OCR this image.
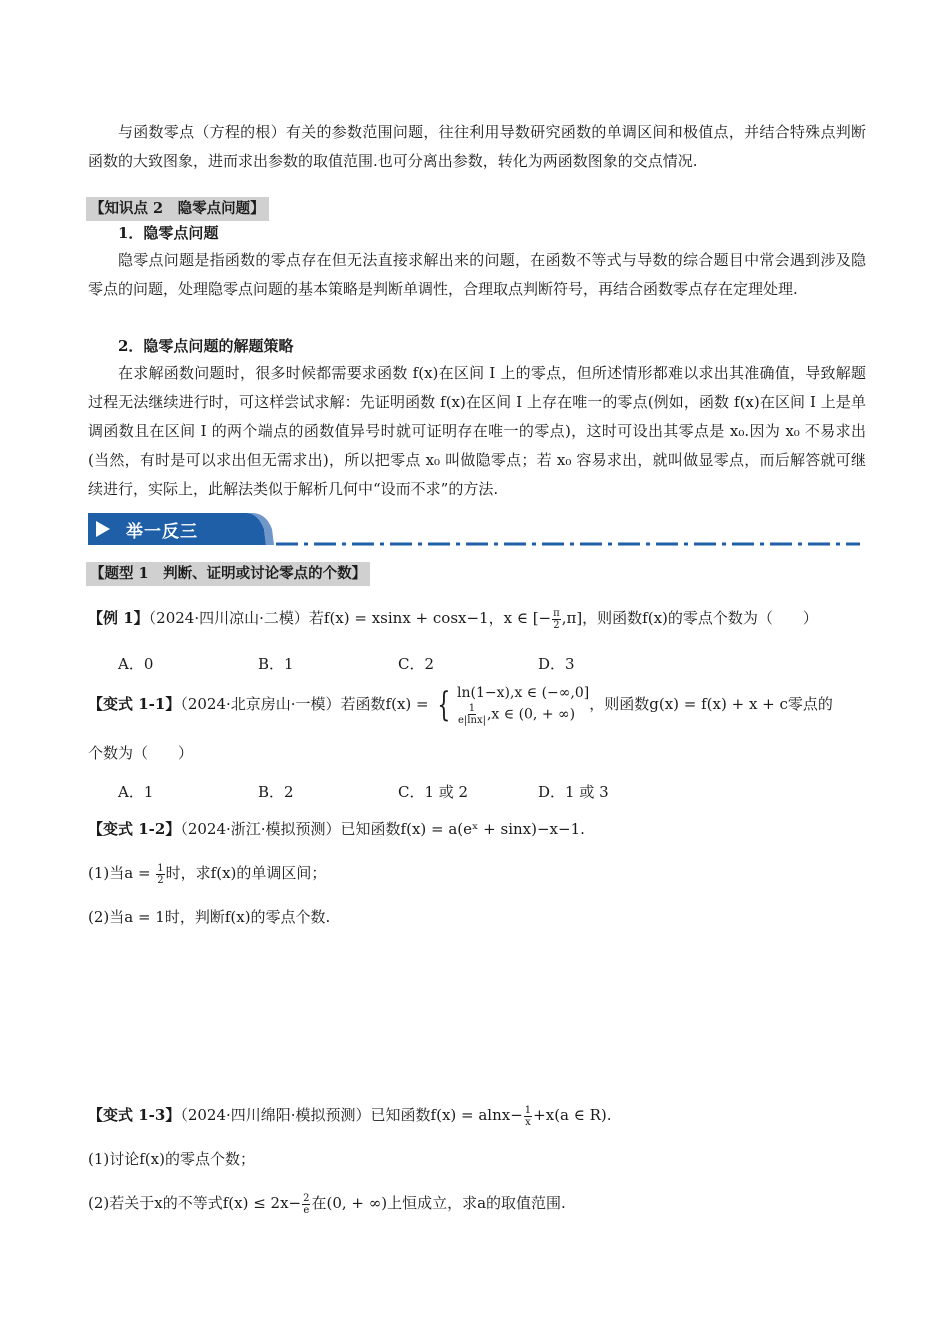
与函数零点（方程的根）有关的参数范围问题，往往利用导数研究函数的单调区间和极值点，并结合特殊点判断函数的大致图象，进而求出参数的取值范围.也可分离出参数，转化为两函数图象的交点情况.

【知识点 2　隐零点问题】

1．隐零点问题

隐零点问题是指函数的零点存在但无法直接求解出来的问题，在函数不等式与导数的综合题目中常会遇到涉及隐零点的问题，处理隐零点问题的基本策略是判断单调性，合理取点判断符号，再结合函数零点存在定理处理.

2．隐零点问题的解题策略

在求解函数问题时，很多时候都需要求函数 f(x)在区间 I 上的零点，但所述情形都难以求出其准确值，导致解题过程无法继续进行时，可这样尝试求解：先证明函数 f(x)在区间 I 上存在唯一的零点(例如，函数 f(x)在区间 I 上是单调函数且在区间 I 的两个端点的函数值异号时就可证明存在唯一的零点)，这时可设出其零点是 x₀.因为 x₀ 不易求出(当然，有时是可以求出但无需求出)，所以把零点 x₀ 叫做隐零点；若 x₀ 容易求出，就叫做显零点，而后解答就可继续进行，实际上，此解法类似于解析几何中“设而不求”的方法.

举一反三
【题型 1　判断、证明或讨论零点的个数】

【例 1】（2024·四川凉山·二模）若f(x) = xsinx + cosx−1，x ∈ [− $\frac{\pi}{2} ,\pi$]，则函数f(x)的零点个数为（　　）

A．0	B．1	C．2	D．3

【变式 1-1】（2024·北京房山·一模）若函数f(x) = { ln(1−x),x ∈ (−∞,0]
$\frac{1}{e|\ln x|} ,x$ ∈ (0, + ∞)
，则函数g(x) = f(x) + x + c零点的

个数为（　　）

A．1	B．2	C．1 或 2	D．1 或 3

【变式 1-2】（2024·浙江·模拟预测）已知函数f(x) = a(eˣ + sinx)−x−1.

(1)当$a = \frac{1}{2}$ 时，求f(x)的单调区间；

(2)当a = 1时，判断f(x)的零点个数.

【变式 1-3】（2024·四川绵阳·模拟预测）已知函数$f(x) = alnx- \frac{1}{x} +x(a$ ∈ R).

(1)讨论f(x)的零点个数；

(2)若关于x的不等式$f(x) \le 2x- \frac{2}{e}$ 在(0, + ∞)上恒成立，求a的取值范围.
